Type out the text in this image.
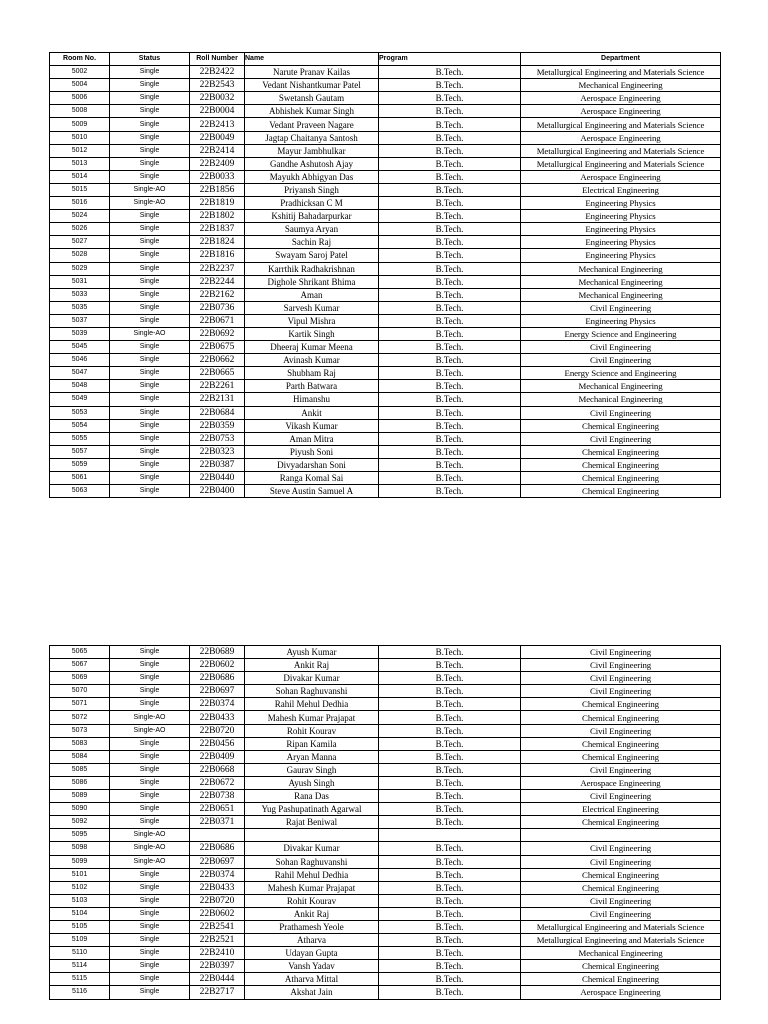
Room No.	Status	Roll Number	Name	Program	Department
5002	Single	22B2422	Narute Pranav Kailas	B.Tech.	Metallurgical Engineering and Materials Science
5004	Single	22B2543	Vedant Nishantkumar Patel	B.Tech.	Mechanical Engineering
5006	Single	22B0032	Swetansh Gautam	B.Tech.	Aerospace Engineering
5008	Single	22B0004	Abhishek Kumar Singh	B.Tech.	Aerospace Engineering
5009	Single	22B2413	Vedant Praveen Nagare	B.Tech.	Metallurgical Engineering and Materials Science
5010	Single	22B0049	Jagtap Chaitanya Santosh	B.Tech.	Aerospace Engineering
5012	Single	22B2414	Mayur Jambhulkar	B.Tech.	Metallurgical Engineering and Materials Science
5013	Single	22B2409	Gandhe Ashutosh Ajay	B.Tech.	Metallurgical Engineering and Materials Science
5014	Single	22B0033	Mayukh Abhigyan Das	B.Tech.	Aerospace Engineering
5015	Single-AO	22B1856	Priyansh Singh	B.Tech.	Electrical Engineering
5016	Single-AO	22B1819	Pradhicksan C M	B.Tech.	Engineering Physics
5024	Single	22B1802	Kshitij Bahadarpurkar	B.Tech.	Engineering Physics
5026	Single	22B1837	Saumya Aryan	B.Tech.	Engineering Physics
5027	Single	22B1824	Sachin Raj	B.Tech.	Engineering Physics
5028	Single	22B1816	Swayam Saroj Patel	B.Tech.	Engineering Physics
5029	Single	22B2237	Karrthik Radhakrishnan	B.Tech.	Mechanical Engineering
5031	Single	22B2244	Dighole Shrikant Bhima	B.Tech.	Mechanical Engineering
5033	Single	22B2162	Aman	B.Tech.	Mechanical Engineering
5035	Single	22B0736	Sarvesh Kumar	B.Tech.	Civil Engineering
5037	Single	22B0671	Vipul Mishra	B.Tech.	Engineering Physics
5039	Single-AO	22B0692	Kartik Singh	B.Tech.	Energy Science and Engineering
5045	Single	22B0675	Dheeraj Kumar Meena	B.Tech.	Civil Engineering
5046	Single	22B0662	Avinash Kumar	B.Tech.	Civil Engineering
5047	Single	22B0665	Shubham Raj	B.Tech.	Energy Science and Engineering
5048	Single	22B2261	Parth Batwara	B.Tech.	Mechanical Engineering
5049	Single	22B2131	Himanshu	B.Tech.	Mechanical Engineering
5053	Single	22B0684	Ankit	B.Tech.	Civil Engineering
5054	Single	22B0359	Vikash Kumar	B.Tech.	Chemical Engineering
5055	Single	22B0753	Aman Mitra	B.Tech.	Civil Engineering
5057	Single	22B0323	Piyush Soni	B.Tech.	Chemical Engineering
5059	Single	22B0387	Divyadarshan Soni	B.Tech.	Chemical Engineering
5061	Single	22B0440	Ranga Komal Sai	B.Tech.	Chemical Engineering
5063	Single	22B0400	Steve Austin Samuel A	B.Tech.	Chemical Engineering
5065	Single	22B0689	Ayush Kumar	B.Tech.	Civil Engineering
5067	Single	22B0602	Ankit Raj	B.Tech.	Civil Engineering
5069	Single	22B0686	Divakar Kumar	B.Tech.	Civil Engineering
5070	Single	22B0697	Sohan Raghuvanshi	B.Tech.	Civil Engineering
5071	Single	22B0374	Rahil Mehul Dedhia	B.Tech.	Chemical Engineering
5072	Single-AO	22B0433	Mahesh Kumar Prajapat	B.Tech.	Chemical Engineering
5073	Single-AO	22B0720	Rohit Kourav	B.Tech.	Civil Engineering
5083	Single	22B0456	Ripan Kamila	B.Tech.	Chemical Engineering
5084	Single	22B0409	Aryan Manna	B.Tech.	Chemical Engineering
5085	Single	22B0668	Gaurav Singh	B.Tech.	Civil Engineering
5086	Single	22B0672	Ayush Singh	B.Tech.	Aerospace Engineering
5089	Single	22B0738	Rana Das	B.Tech.	Civil Engineering
5090	Single	22B0651	Yug Pashupatinath Agarwal	B.Tech.	Electrical Engineering
5092	Single	22B0371	Rajat Beniwal	B.Tech.	Chemical Engineering
5095	Single-AO				
5098	Single-AO	22B0686	Divakar Kumar	B.Tech.	Civil Engineering
5099	Single-AO	22B0697	Sohan Raghuvanshi	B.Tech.	Civil Engineering
5101	Single	22B0374	Rahil Mehul Dedhia	B.Tech.	Chemical Engineering
5102	Single	22B0433	Mahesh Kumar Prajapat	B.Tech.	Chemical Engineering
5103	Single	22B0720	Rohit Kourav	B.Tech.	Civil Engineering
5104	Single	22B0602	Ankit Raj	B.Tech.	Civil Engineering
5105	Single	22B2541	Prathamesh Yeole	B.Tech.	Metallurgical Engineering and Materials Science
5109	Single	22B2521	Atharva	B.Tech.	Metallurgical Engineering and Materials Science
5110	Single	22B2410	Udayan Gupta	B.Tech.	Mechanical Engineering
5114	Single	22B0397	Vansh Yadav	B.Tech.	Chemical Engineering
5115	Single	22B0444	Atharva Mittal	B.Tech.	Chemical Engineering
5116	Single	22B2717	Akshat Jain	B.Tech.	Aerospace Engineering
